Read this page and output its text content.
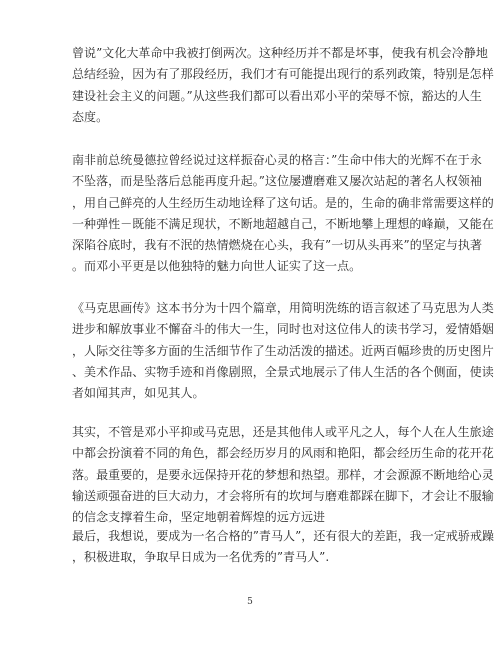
曾说”文化大革命中我被打倒两次。这种经历并不都是坏事，使我有机会冷静地
总结经验，因为有了那段经历，我们才有可能提出现行的系列政策，特别是怎样
建设社会主义的问题。”从这些我们都可以看出邓小平的荣辱不惊，豁达的人生
态度。
南非前总统曼德拉曾经说过这样振奋心灵的格言：”生命中伟大的光辉不在于永
不坠落，而是坠落后总能再度升起。”这位屡遭磨难又屡次站起的著名人权领袖
，用自己鲜亮的人生经历生动地诠释了这句话。是的，生命的确非常需要这样的
一种弹性－既能不满足现状，不断地超越自己，不断地攀上理想的峰巅，又能在
深陷谷底时，我有不泯的热情燃烧在心头，我有”一切从头再来”的坚定与执著
。而邓小平更是以他独特的魅力向世人证实了这一点。
《马克思画传》这本书分为十四个篇章，用简明洗练的语言叙述了马克思为人类
进步和解放事业不懈奋斗的伟大一生，同时也对这位伟人的读书学习，爱情婚姻
，人际交往等多方面的生活细节作了生动活泼的描述。近两百幅珍贵的历史图片
、美术作品、实物手迹和肖像剧照，全景式地展示了伟人生活的各个侧面，使读
者如闻其声，如见其人。
其实，不管是邓小平抑或马克思，还是其他伟人或平凡之人，每个人在人生旅途
中都会扮演着不同的角色，都会经历岁月的风雨和艳阳，都会经历生命的花开花
落。最重要的，是要永远保持开花的梦想和热望。那样，才会源源不断地给心灵
输送顽强奋进的巨大动力，才会将所有的坎坷与磨难都踩在脚下，才会让不服输
的信念支撑着生命，坚定地朝着辉煌的远方远进
最后，我想说，要成为一名合格的”青马人”，还有很大的差距，我一定戒骄戒躁
，积极进取，争取早日成为一名优秀的”青马人”.
5
